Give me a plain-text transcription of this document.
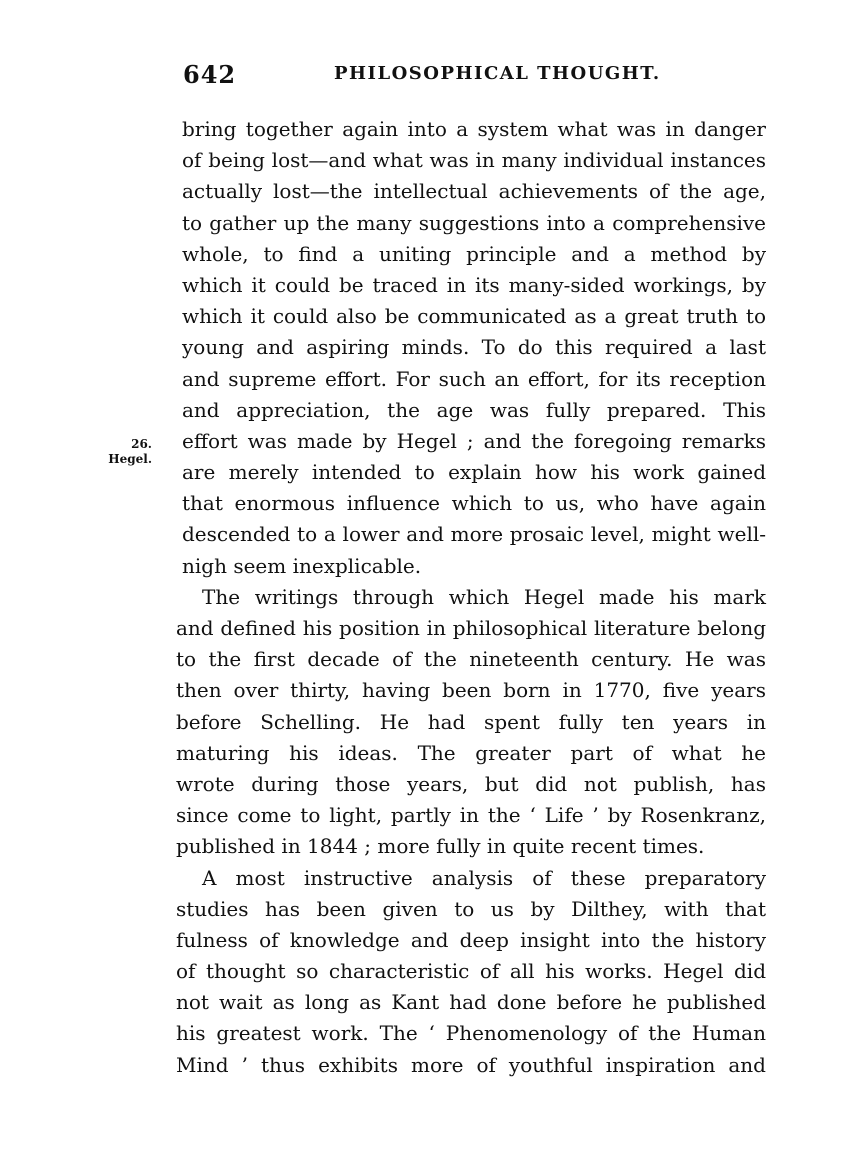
642	PHILOSOPHICAL THOUGHT.
26.
Hegel.
bring together again into a system what was in danger
of being lost—and what was in many individual instances
actually lost—the intellectual achievements of the age,
to gather up the many suggestions into a comprehensive
whole, to find a uniting principle and a method by
which it could be traced in its many-sided workings, by
which it could also be communicated as a great truth to
young and aspiring minds. To do this required a last
and supreme effort. For such an effort, for its reception
and appreciation, the age was fully prepared. This
effort was made by Hegel ; and the foregoing remarks
are merely intended to explain how his work gained
that enormous influence which to us, who have again
descended to a lower and more prosaic level, might well-
nigh seem inexplicable.
The writings through which Hegel made his mark
and defined his position in philosophical literature belong
to the first decade of the nineteenth century. He was
then over thirty, having been born in 1770, five years
before Schelling. He had spent fully ten years in
maturing his ideas. The greater part of what he
wrote during those years, but did not publish, has
since come to light, partly in the ‘ Life ’ by Rosenkranz,
published in 1844 ; more fully in quite recent times.
A most instructive analysis of these preparatory
studies has been given to us by Dilthey, with that
fulness of knowledge and deep insight into the history
of thought so characteristic of all his works. Hegel did
not wait as long as Kant had done before he published
his greatest work. The ‘ Phenomenology of the Human
Mind ’ thus exhibits more of youthful inspiration and
